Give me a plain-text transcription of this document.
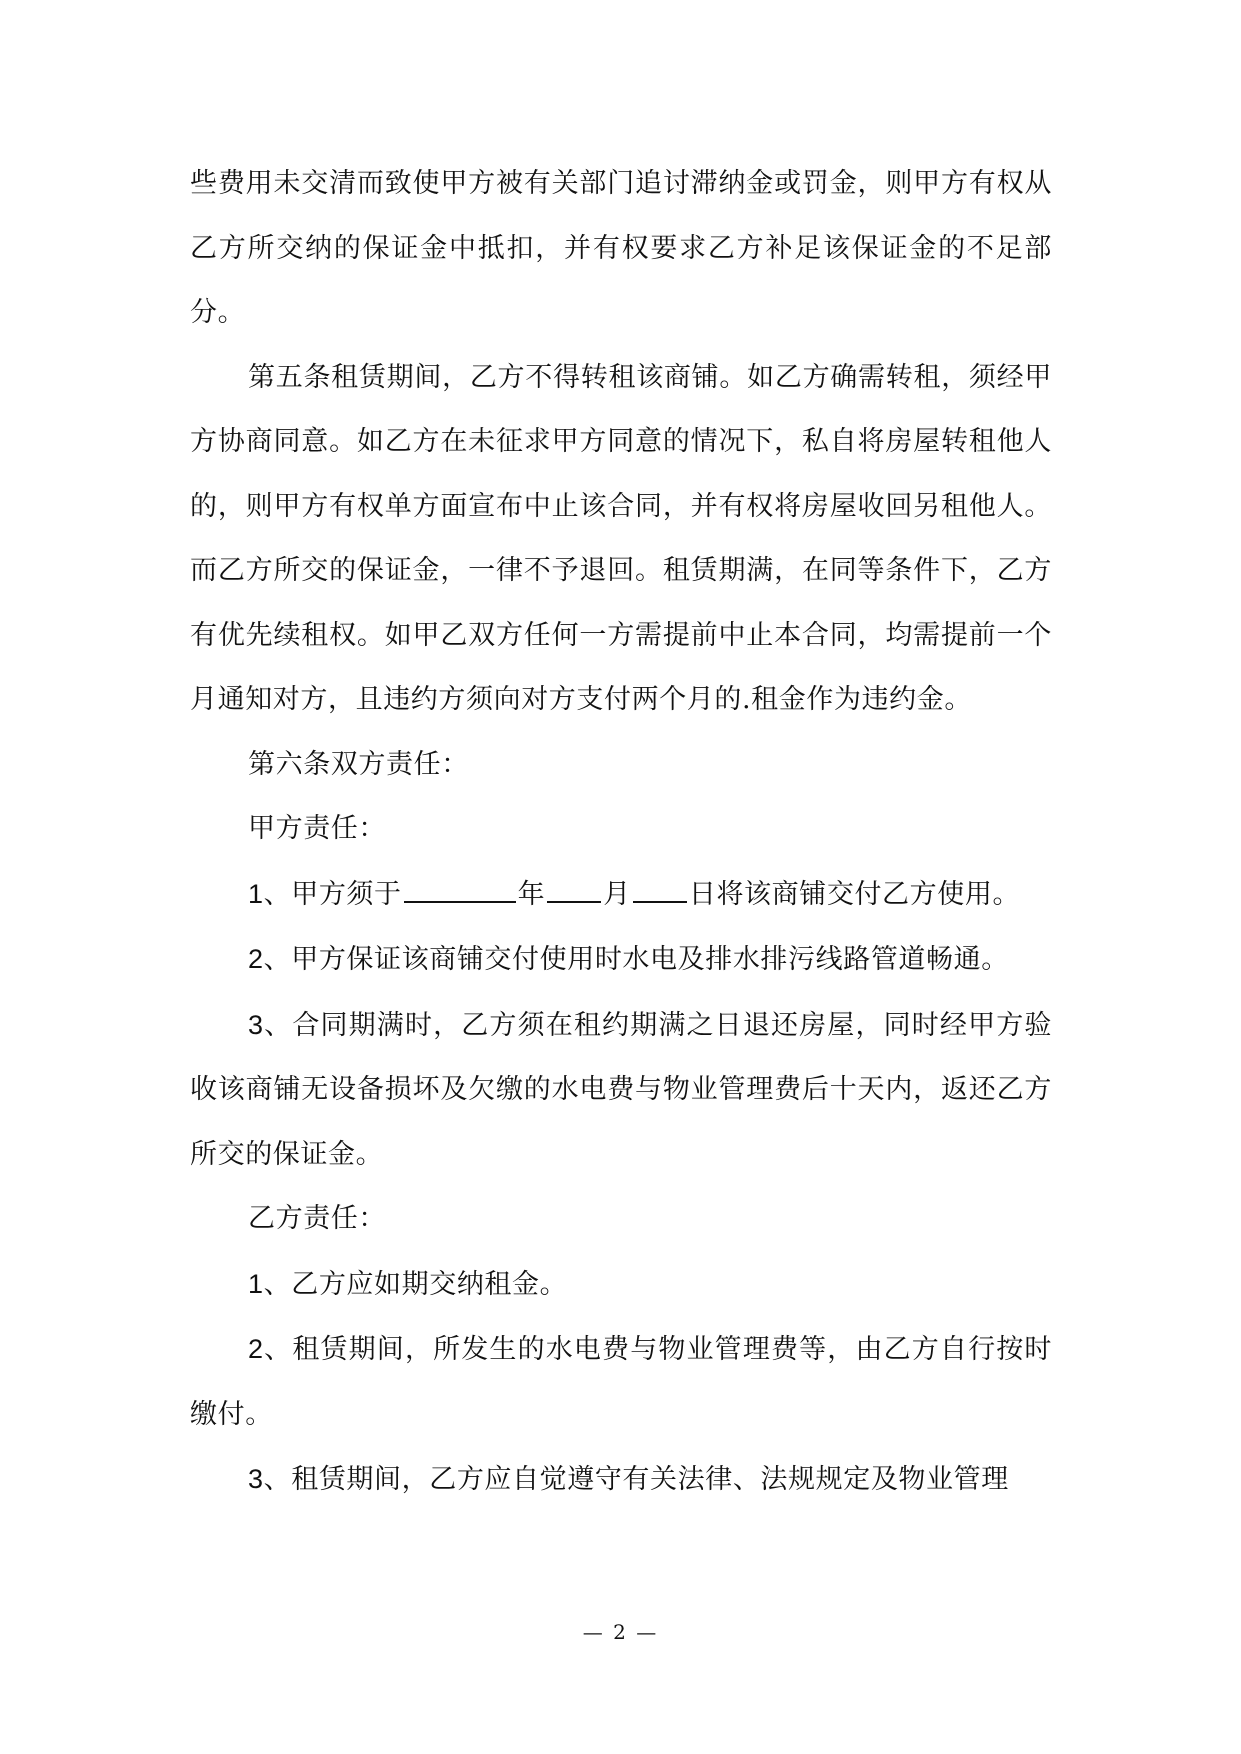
些费用未交清而致使甲方被有关部门追讨滞纳金或罚金，则甲方有权从乙方所交纳的保证金中抵扣，并有权要求乙方补足该保证金的不足部分。

第五条租赁期间，乙方不得转租该商铺。如乙方确需转租，须经甲方协商同意。如乙方在未征求甲方同意的情况下，私自将房屋转租他人的，则甲方有权单方面宣布中止该合同，并有权将房屋收回另租他人。而乙方所交的保证金，一律不予退回。租赁期满，在同等条件下，乙方有优先续租权。如甲乙双方任何一方需提前中止本合同，均需提前一个月通知对方，且违约方须向对方支付两个月的.租金作为违约金。

第六条双方责任：

甲方责任：

1、甲方须于	年 月 日将该商铺交付乙方使用。

2、甲方保证该商铺交付使用时水电及排水排污线路管道畅通。

3、合同期满时，乙方须在租约期满之日退还房屋，同时经甲方验收该商铺无设备损坏及欠缴的水电费与物业管理费后十天内，返还乙方所交的保证金。

乙方责任：

1、乙方应如期交纳租金。

2、租赁期间，所发生的水电费与物业管理费等，由乙方自行按时缴付。

3、租赁期间，乙方应自觉遵守有关法律、法规规定及物业管理

— 2 —
